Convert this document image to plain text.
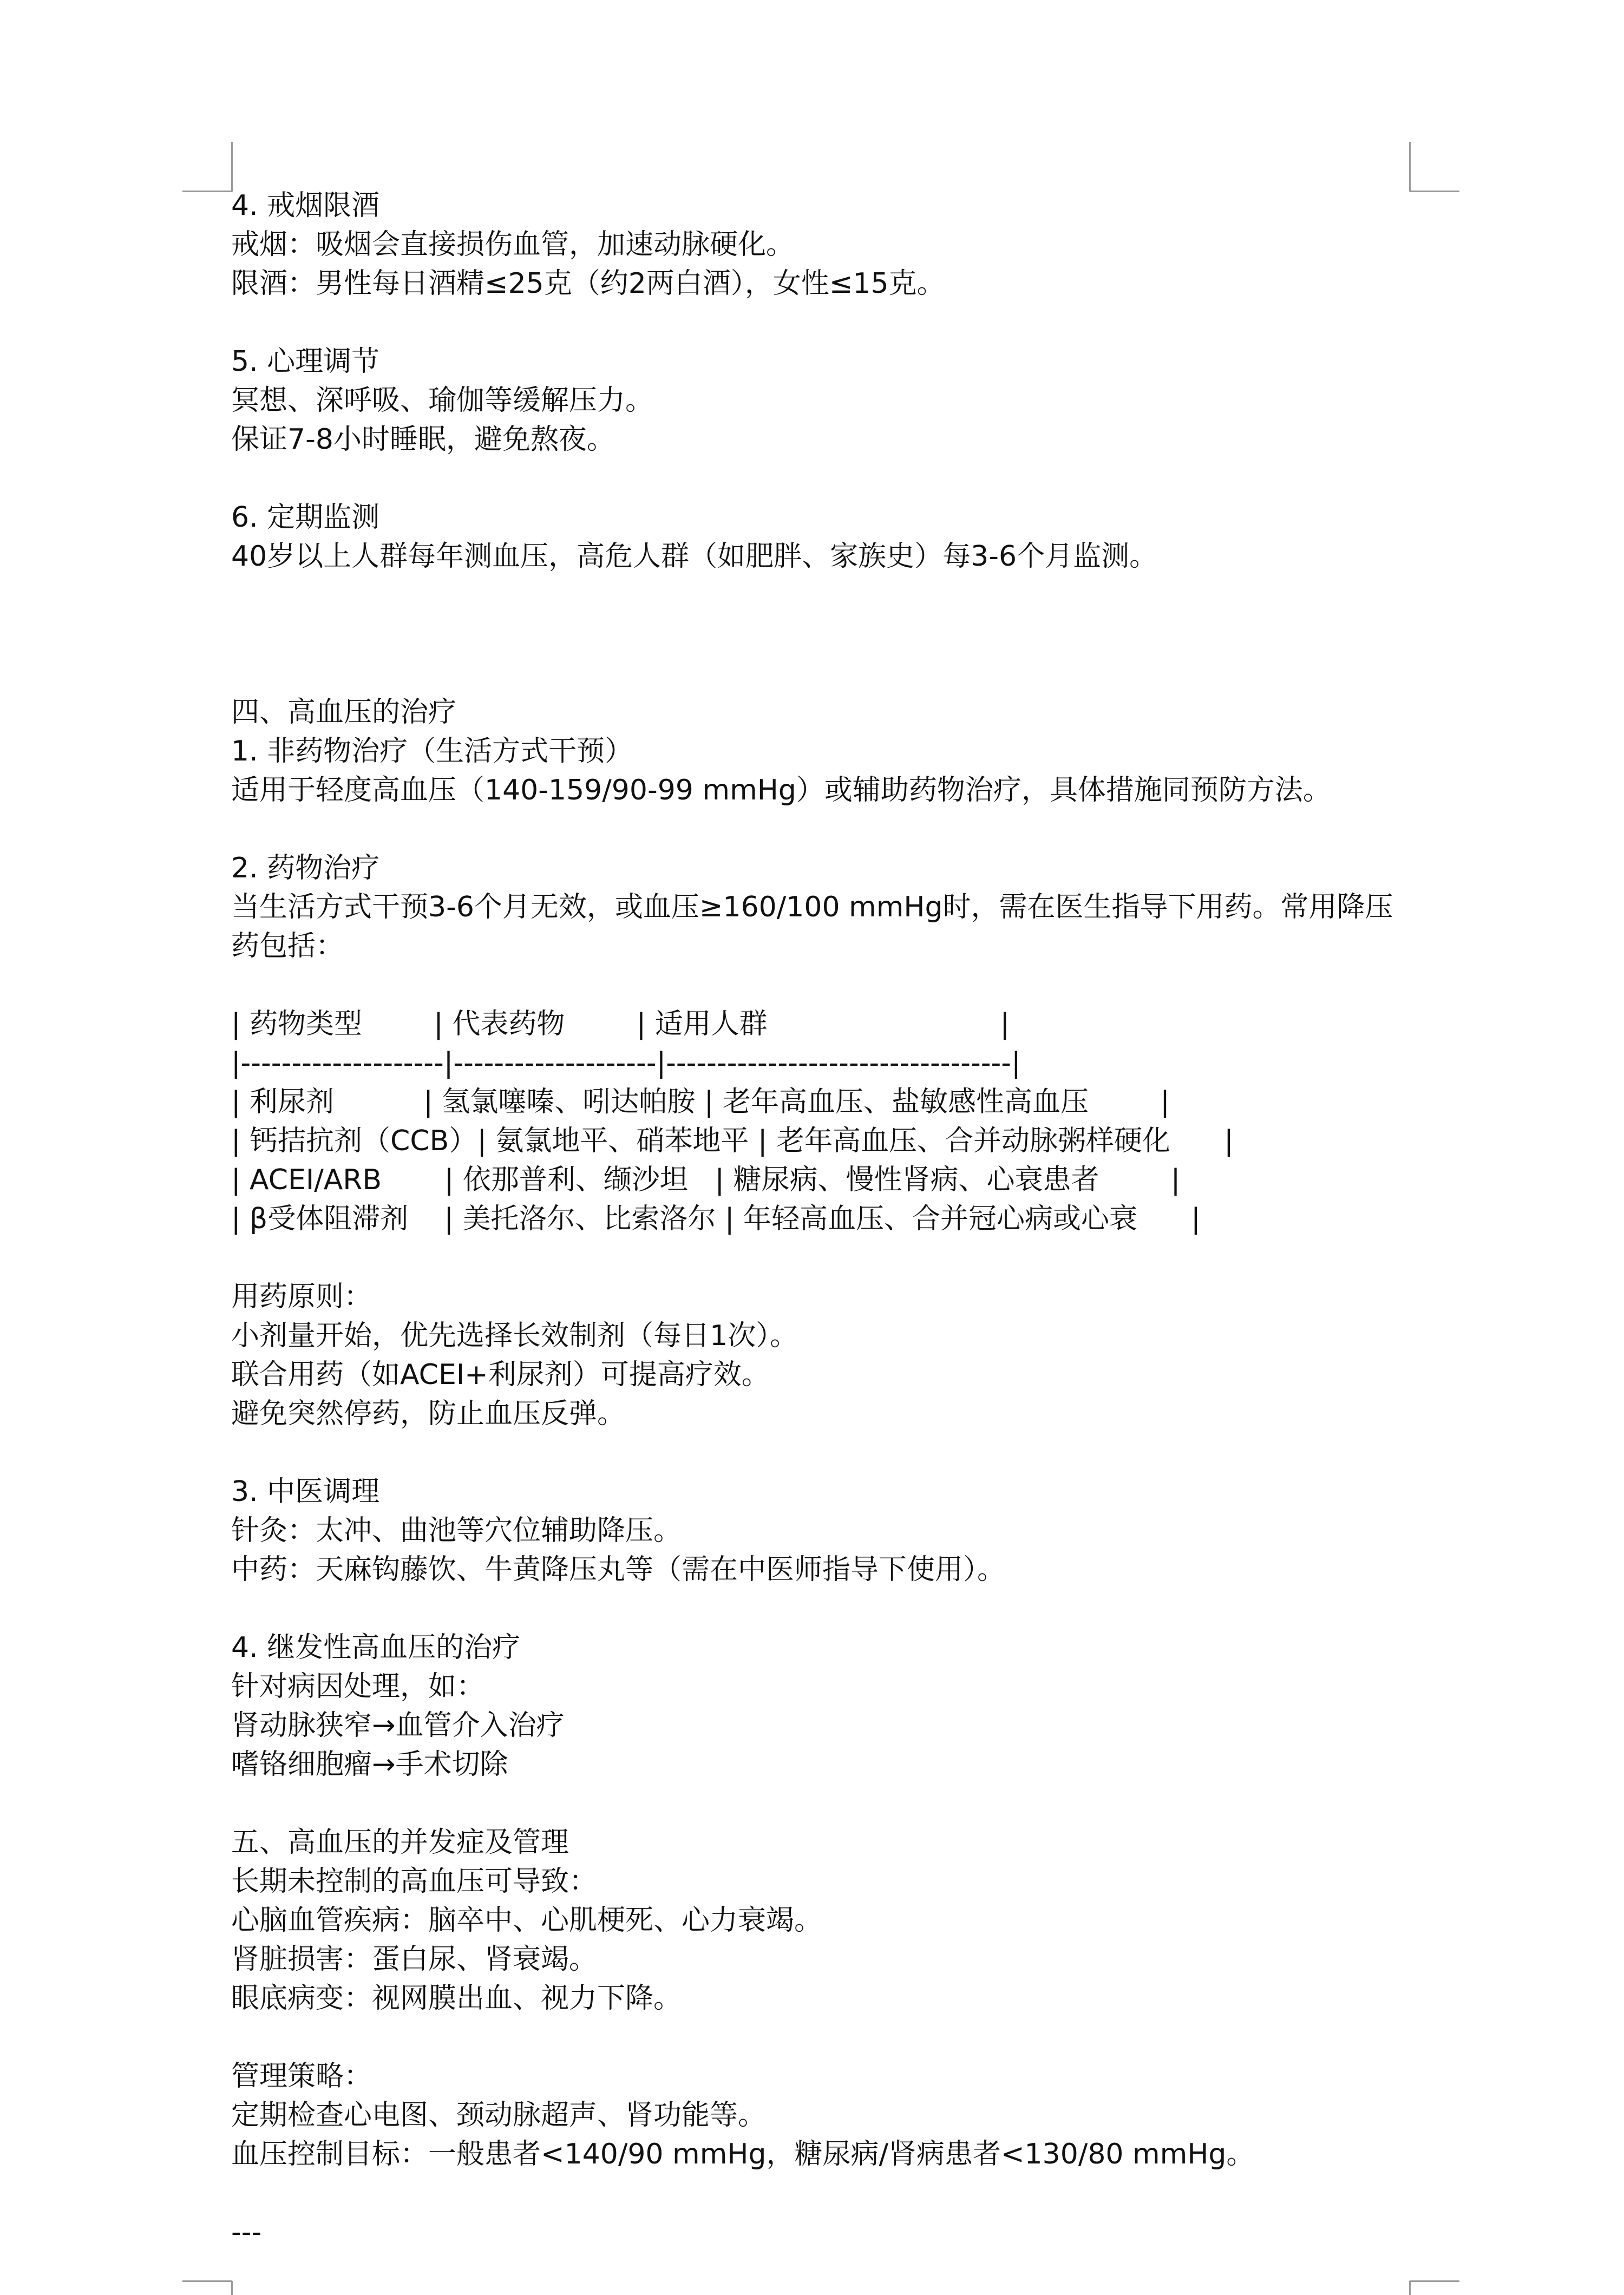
4. 戒烟限酒
戒烟：吸烟会直接损伤血管，加速动脉硬化。
限酒：男性每日酒精≤25克（约2两白酒），女性≤15克。
5. 心理调节
冥想、深呼吸、瑜伽等缓解压力。
保证7-8小时睡眠，避免熬夜。
6. 定期监测
40岁以上人群每年测血压，高危人群（如肥胖、家族史）每3-6个月监测。
四、高血压的治疗
1. 非药物治疗（生活方式干预）
适用于轻度高血压（140-159/90-99 mmHg）或辅助药物治疗，具体措施同预防方法。
2. 药物治疗
当生活方式干预3-6个月无效，或血压≥160/100 mmHg时，需在医生指导下用药。常用降压药包括：
| 药物类型        | 代表药物        | 适用人群                          |
|--------------------|--------------------|----------------------------------|
| 利尿剂          | 氢氯噻嗪、吲达帕胺 | 老年高血压、盐敏感性高血压        |
| 钙拮抗剂（CCB）| 氨氯地平、硝苯地平 | 老年高血压、合并动脉粥样硬化      |
| ACEI/ARB       | 依那普利、缬沙坦   | 糖尿病、慢性肾病、心衰患者        |
| β受体阻滞剂    | 美托洛尔、比索洛尔 | 年轻高血压、合并冠心病或心衰      |
用药原则：
小剂量开始，优先选择长效制剂（每日1次）。
联合用药（如ACEI+利尿剂）可提高疗效。
避免突然停药，防止血压反弹。
3. 中医调理
针灸：太冲、曲池等穴位辅助降压。
中药：天麻钩藤饮、牛黄降压丸等（需在中医师指导下使用）。
4. 继发性高血压的治疗
针对病因处理，如：
肾动脉狭窄→血管介入治疗
嗜铬细胞瘤→手术切除
五、高血压的并发症及管理
长期未控制的高血压可导致：
心脑血管疾病：脑卒中、心肌梗死、心力衰竭。
肾脏损害：蛋白尿、肾衰竭。
眼底病变：视网膜出血、视力下降。
管理策略：
定期检查心电图、颈动脉超声、肾功能等。
血压控制目标：一般患者<140/90 mmHg，糖尿病/肾病患者<130/80 mmHg。
---
